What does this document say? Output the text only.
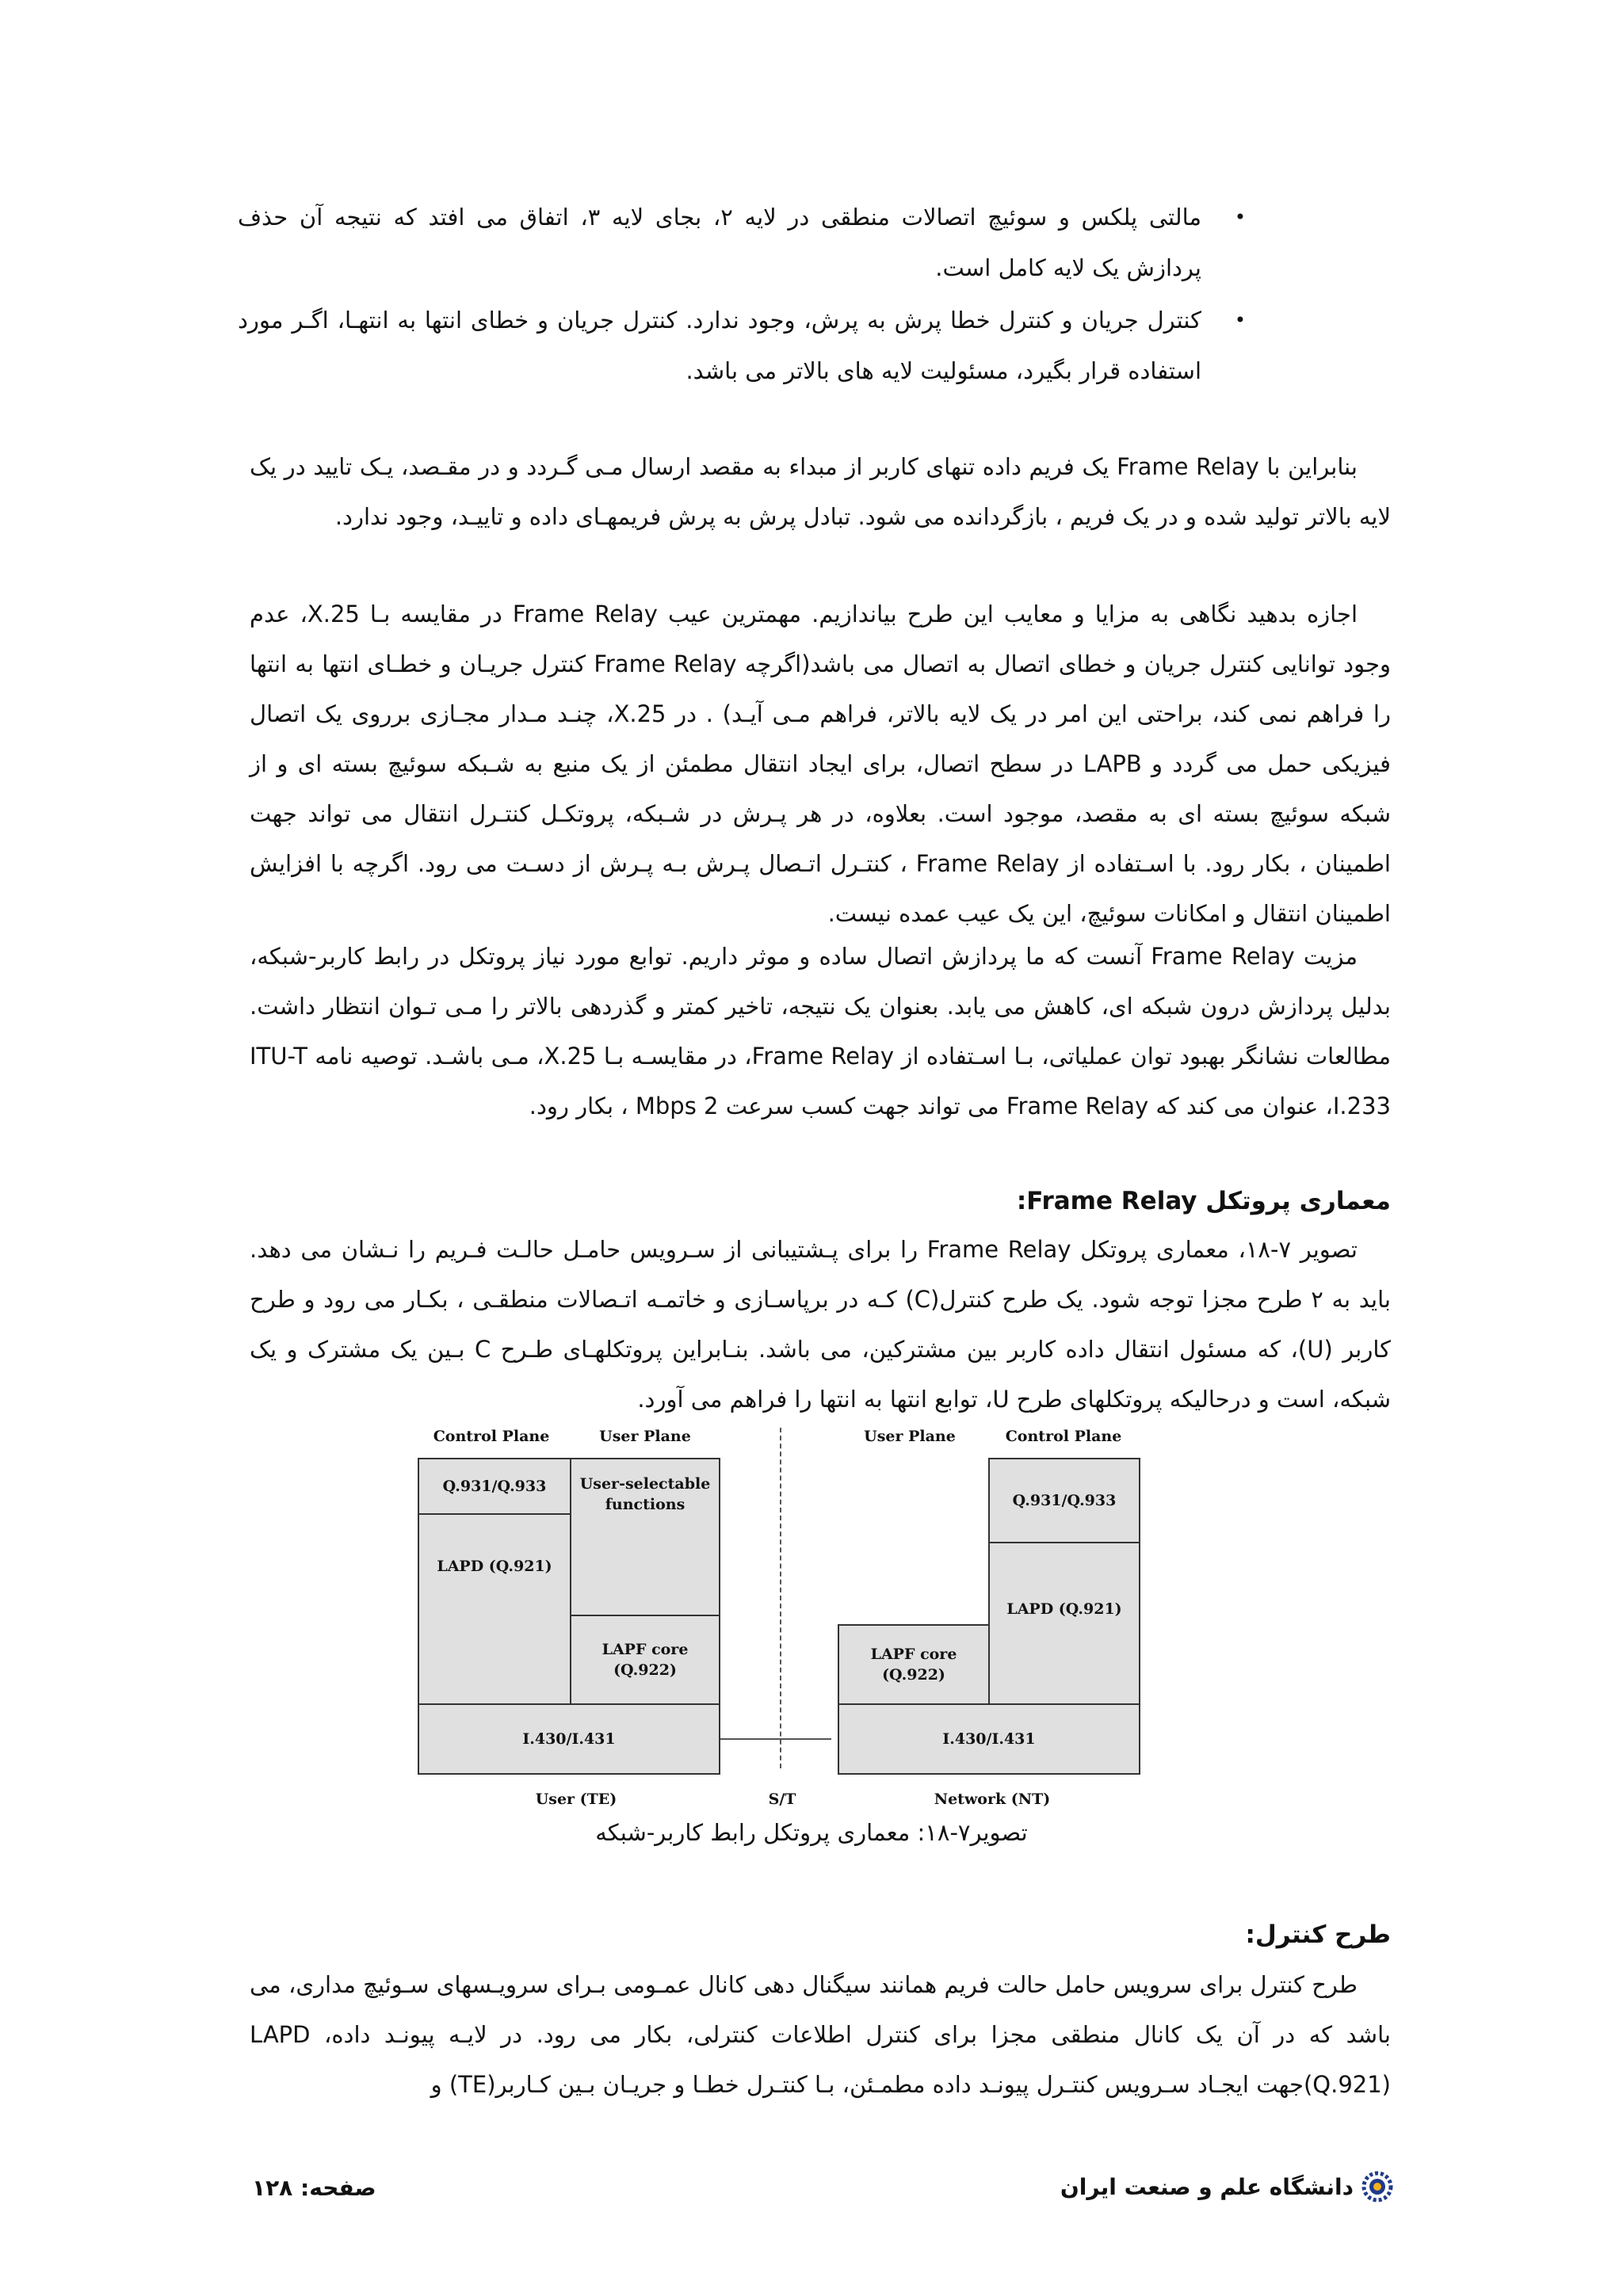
•
مالتی پلکس و سوئیچ اتصالات منطقی در لایه ۲، بجای لایه ۳، اتفاق می افتد که نتیجه آن حذف پردازش یک لایه کامل است.
•
کنترل جریان و کنترل خطا پرش به پرش، وجود ندارد. کنترل جریان و خطای انتها به انتهـا، اگـر مورد استفاده قرار بگیرد، مسئولیت لایه های بالاتر می باشد.
بنابراین با Frame Relay یک فریم داده تنهای کاربر از مبداء به مقصد ارسال مـی گـردد و در مقـصد، یـک تایید در یک لایه بالاتر تولید شده و در یک فریم ، بازگردانده می شود. تبادل پرش به پرش فریمهـای داده و تاییـد، وجود ندارد.
اجازه بدهید نگاهی به مزایا و معایب این طرح بیاندازیم. مهمترین عیب Frame Relay در مقایسه بـا X.25، عدم وجود توانایی کنترل جریان و خطای اتصال به اتصال می باشد(اگرچه Frame Relay کنترل جریـان و خطـای انتها به انتها را فراهم نمی کند، براحتی این امر در یک لایه بالاتر، فراهم مـی آیـد) . در X.25، چنـد مـدار مجـازی برروی یک اتصال فیزیکی حمل می گردد و LAPB در سطح اتصال، برای ایجاد انتقال مطمئن از یک منبع به شـبکه سوئیچ بسته ای و از شبکه سوئیچ بسته ای به مقصد، موجود است. بعلاوه، در هر پـرش در شـبکه، پروتکـل کنتـرل انتقال می تواند جهت اطمینان ، بکار رود. با اسـتفاده از Frame Relay ، کنتـرل اتـصال پـرش بـه پـرش از دسـت می رود. اگرچه با افزایش اطمینان انتقال و امکانات سوئیچ، این یک عیب عمده نیست.
مزیت Frame Relay آنست که ما پردازش اتصال ساده و موثر داریم. توابع مورد نیاز پروتکل در رابط کاربر-شبکه، بدلیل پردازش درون شبکه ای، کاهش می یابد. بعنوان یک نتیجه، تاخیر کمتر و گذردهی بالاتر را مـی تـوان انتظار داشت. مطالعات نشانگر بهبود توان عملیاتی، بـا اسـتفاده از Frame Relay، در مقایسـه بـا X.25، مـی باشـد. توصیه نامه ITU-T I.233، عنوان می کند که Frame Relay می تواند جهت کسب سرعت 2 Mbps ، بکار رود.
معماری پروتکل Frame Relay:
تصویر ۷-۱۸، معماری پروتکل Frame Relay را برای پـشتیبانی از سـرویس حامـل حالـت فـریم را نـشان می دهد. باید به ۲ طرح مجزا توجه شود. یک طرح کنترل(C) کـه در برپاسـازی و خاتمـه اتـصالات منطقـی ، بکـار می رود و طرح کاربر (U)، که مسئول انتقال داده کاربر بین مشترکین، می باشد. بنـابراین پروتکلهـای طـرح C بـین یک مشترک و یک شبکه، است و درحالیکه پروتکلهای طرح U، توابع انتها به انتها را فراهم می آورد.
Control Plane	User Plane	User Plane	Control Plane
Q.931/Q.933	User-selectable functions
LAPD (Q.921)
LAPF core (Q.922)
I.430/I.431
Q.931/Q.933
LAPD (Q.921)
LAPF core (Q.922)
I.430/I.431
User (TE)	S/T	Network (NT)
تصویر۷-۱۸: معماری پروتکل رابط کاربر-شبکه
طرح کنترل:
طرح کنترل برای سرویس حامل حالت فریم همانند سیگنال دهی کانال عمـومی بـرای سرویـسهای سـوئیچ مداری، می باشد که در آن یک کانال منطقی مجزا برای کنترل اطلاعات کنترلی، بکار می رود. در لایـه پیونـد داده، LAPD (Q.921)جهت ایجـاد سـرویس کنتـرل پیونـد داده مطمـئن، بـا کنتـرل خطـا و جریـان بـین کـاربر(TE) و
صفحه: ۱۲۸	دانشگاه علم و صنعت ایران
